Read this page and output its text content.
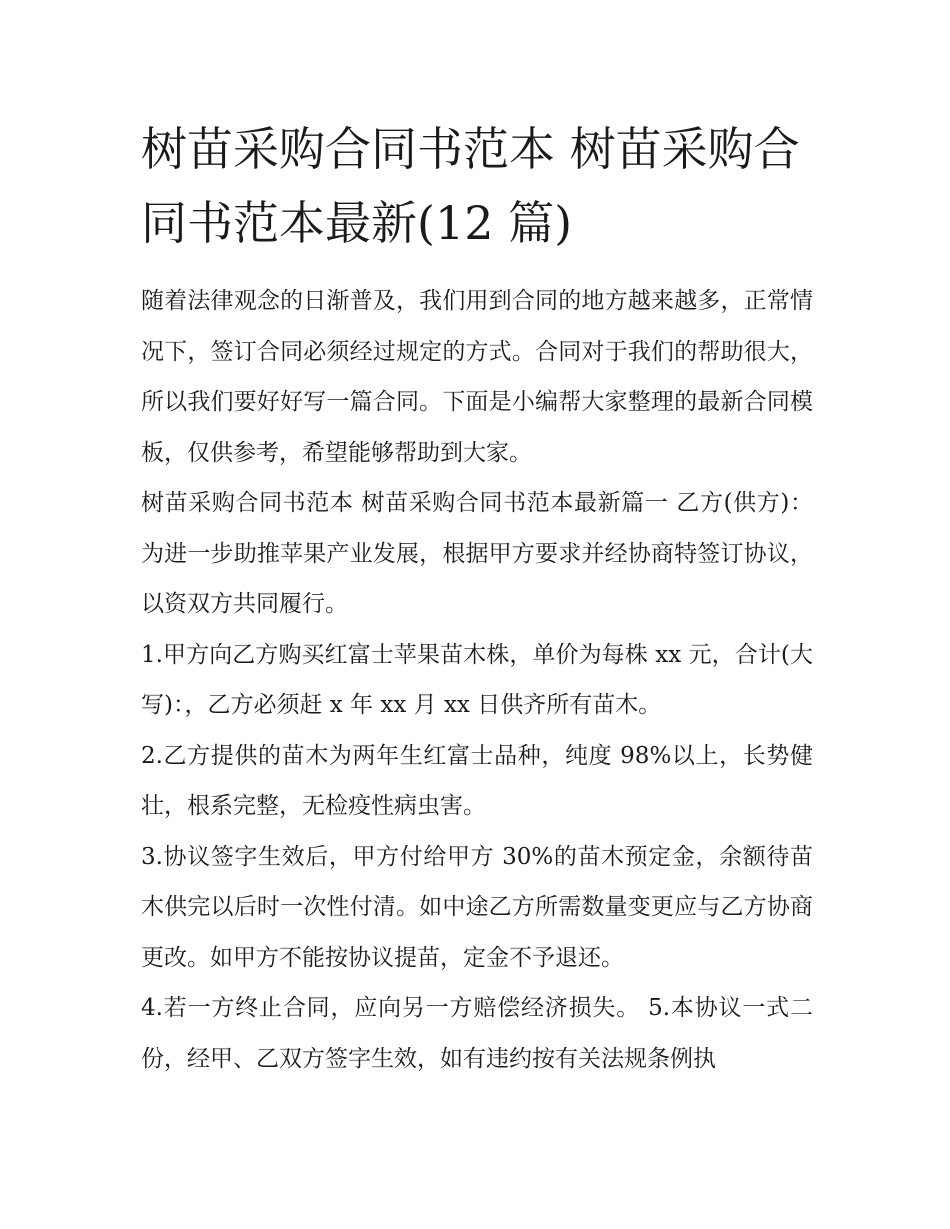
树苗采购合同书范本 树苗采购合同书范本最新(12 篇)

随着法律观念的日渐普及，我们用到合同的地方越来越多，正常情况下，签订合同必须经过规定的方式。合同对于我们的帮助很大，所以我们要好好写一篇合同。下面是小编帮大家整理的最新合同模板，仅供参考，希望能够帮助到大家。

树苗采购合同书范本 树苗采购合同书范本最新篇一 乙方(供方)： 为进一步助推苹果产业发展，根据甲方要求并经协商特签订协议，以资双方共同履行。

1.甲方向乙方购买红富士苹果苗木株，单价为每株 xx 元，合计(大写)：，乙方必须赶 x 年 xx 月 xx 日供齐所有苗木。

2.乙方提供的苗木为两年生红富士品种，纯度 98%以上，长势健壮，根系完整，无检疫性病虫害。

3.协议签字生效后，甲方付给甲方 30%的苗木预定金，余额待苗木供完以后时一次性付清。如中途乙方所需数量变更应与乙方协商更改。如甲方不能按协议提苗，定金不予退还。

4.若一方终止合同，应向另一方赔偿经济损失。 5.本协议一式二份，经甲、乙双方签字生效，如有违约按有关法规条例执
